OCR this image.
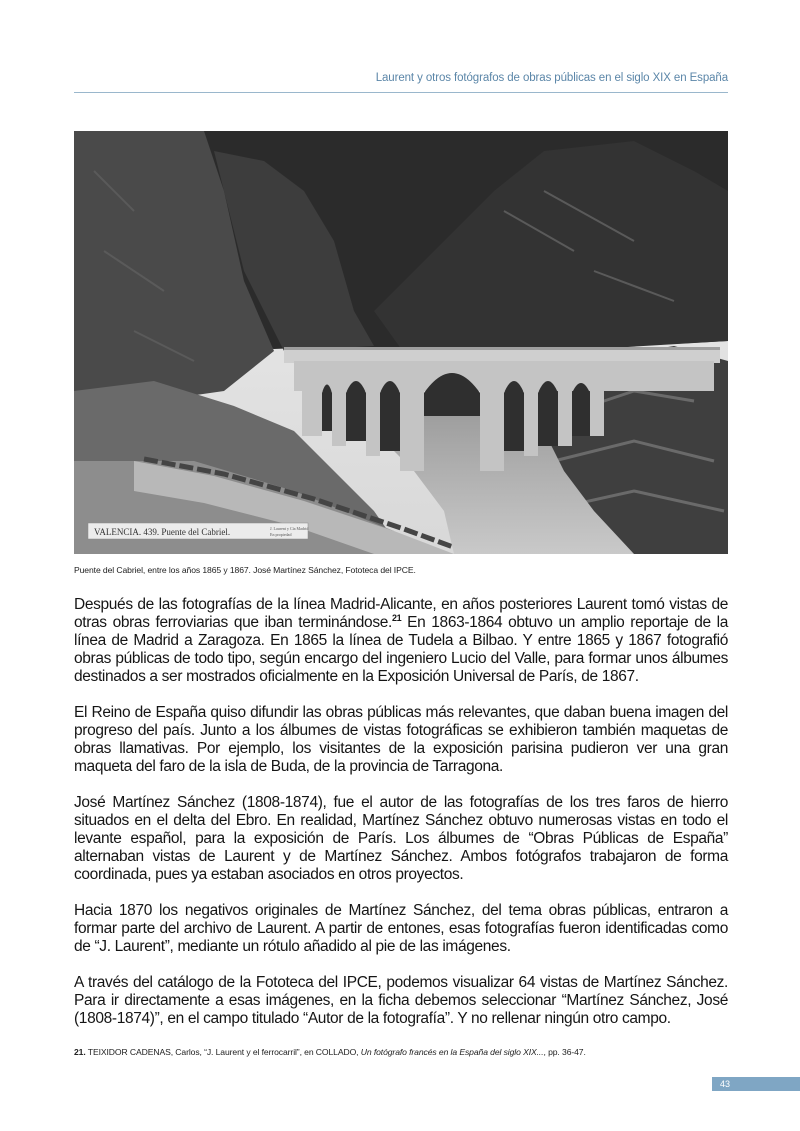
Laurent y otros fotógrafos de obras públicas en el siglo XIX en España
VALENCIA. 439. Puente del Cabriel.	J. Laurent y Cía Madrid
En propiedad
Puente del Cabriel, entre los años 1865 y 1867. José Martínez Sánchez, Fototeca del IPCE.

Después de las fotografías de la línea Madrid-Alicante, en años posteriores Laurent tomó vistas de otras obras ferroviarias que iban terminándose.$^{21}$ En 1863-1864 obtuvo un amplio reportaje de la línea de Madrid a Zaragoza. En 1865 la línea de Tudela a Bilbao. Y entre 1865 y 1867 fotografió obras públicas de todo tipo, según encargo del ingeniero Lucio del Valle, para formar unos álbumes destinados a ser mostrados oficialmente en la Exposición Universal de París, de 1867.

El Reino de España quiso difundir las obras públicas más relevantes, que daban buena imagen del progreso del país. Junto a los álbumes de vistas fotográficas se exhibieron también maquetas de obras llamativas. Por ejemplo, los visitantes de la exposición parisina pudieron ver una gran maqueta del faro de la isla de Buda, de la provincia de Tarragona.

José Martínez Sánchez (1808-1874), fue el autor de las fotografías de los tres faros de hierro situados en el delta del Ebro. En realidad, Martínez Sánchez obtuvo numerosas vistas en todo el levante español, para la exposición de París. Los álbumes de “Obras Públicas de España” alternaban vistas de Laurent y de Martínez Sánchez. Ambos fotógrafos trabajaron de forma coordinada, pues ya estaban asociados en otros proyectos.

Hacia 1870 los negativos originales de Martínez Sánchez, del tema obras públicas, entraron a formar parte del archivo de Laurent. A partir de entones, esas fotografías fueron identificadas como de “J. Laurent”, mediante un rótulo añadido al pie de las imágenes.

A través del catálogo de la Fototeca del IPCE, podemos visualizar 64 vistas de Martínez Sánchez. Para ir directamente a esas imágenes, en la ficha debemos seleccionar “Martínez Sánchez, José (1808-1874)”, en el campo titulado “Autor de la fotografía”. Y no rellenar ningún otro campo.

21. TEIXIDOR CADENAS, Carlos, “J. Laurent y el ferrocarril”, en COLLADO, Un fotógrafo francés en la España del siglo XIX..., pp. 36-47.
43
